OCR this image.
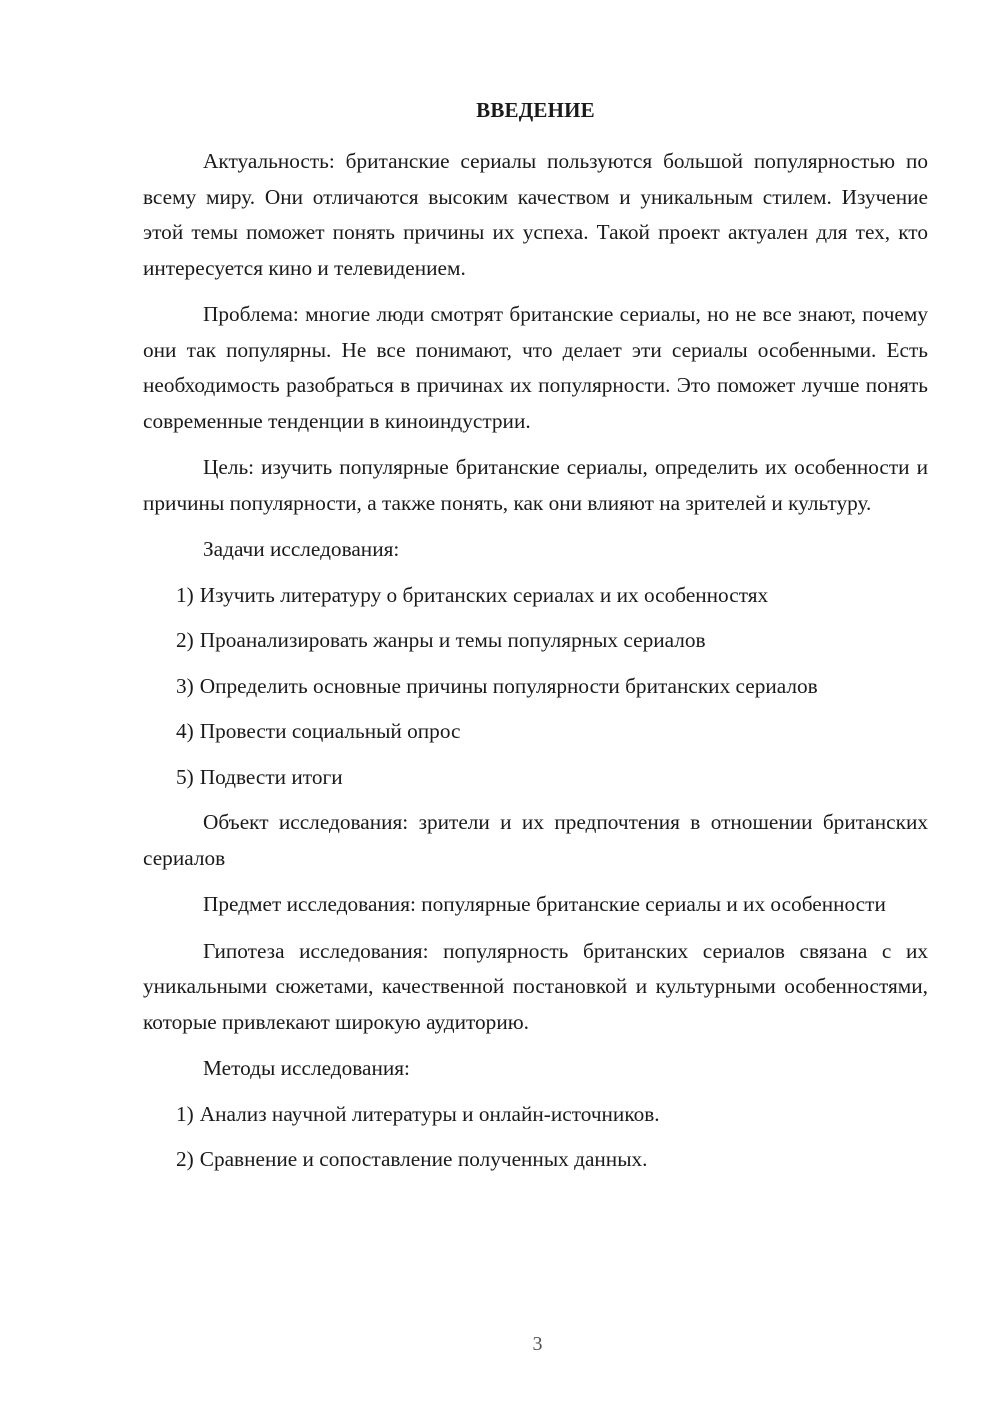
ВВЕДЕНИЕ

Актуальность: британские сериалы пользуются большой популярностью по всему миру. Они отличаются высоким качеством и уникальным стилем. Изучение этой темы поможет понять причины их успеха. Такой проект актуален для тех, кто интересуется кино и телевидением.

Проблема: многие люди смотрят британские сериалы, но не все знают, почему они так популярны. Не все понимают, что делает эти сериалы особенными. Есть необходимость разобраться в причинах их популярности. Это поможет лучше понять современные тенденции в киноиндустрии.

Цель: изучить популярные британские сериалы, определить их особенности и причины популярности, а также понять, как они влияют на зрителей и культуру.

Задачи исследования:

1) Изучить литературу о британских сериалах и их особенностях
2) Проанализировать жанры и темы популярных сериалов
3) Определить основные причины популярности британских сериалов
4) Провести социальный опрос
5) Подвести итоги

Объект исследования: зрители и их предпочтения в отношении британских сериалов

Предмет исследования: популярные британские сериалы и их особенности

Гипотеза исследования: популярность британских сериалов связана с их уникальными сюжетами, качественной постановкой и культурными особенностями, которые привлекают широкую аудиторию.

Методы исследования:

1) Анализ научной литературы и онлайн-источников.
2) Сравнение и сопоставление полученных данных.
3
